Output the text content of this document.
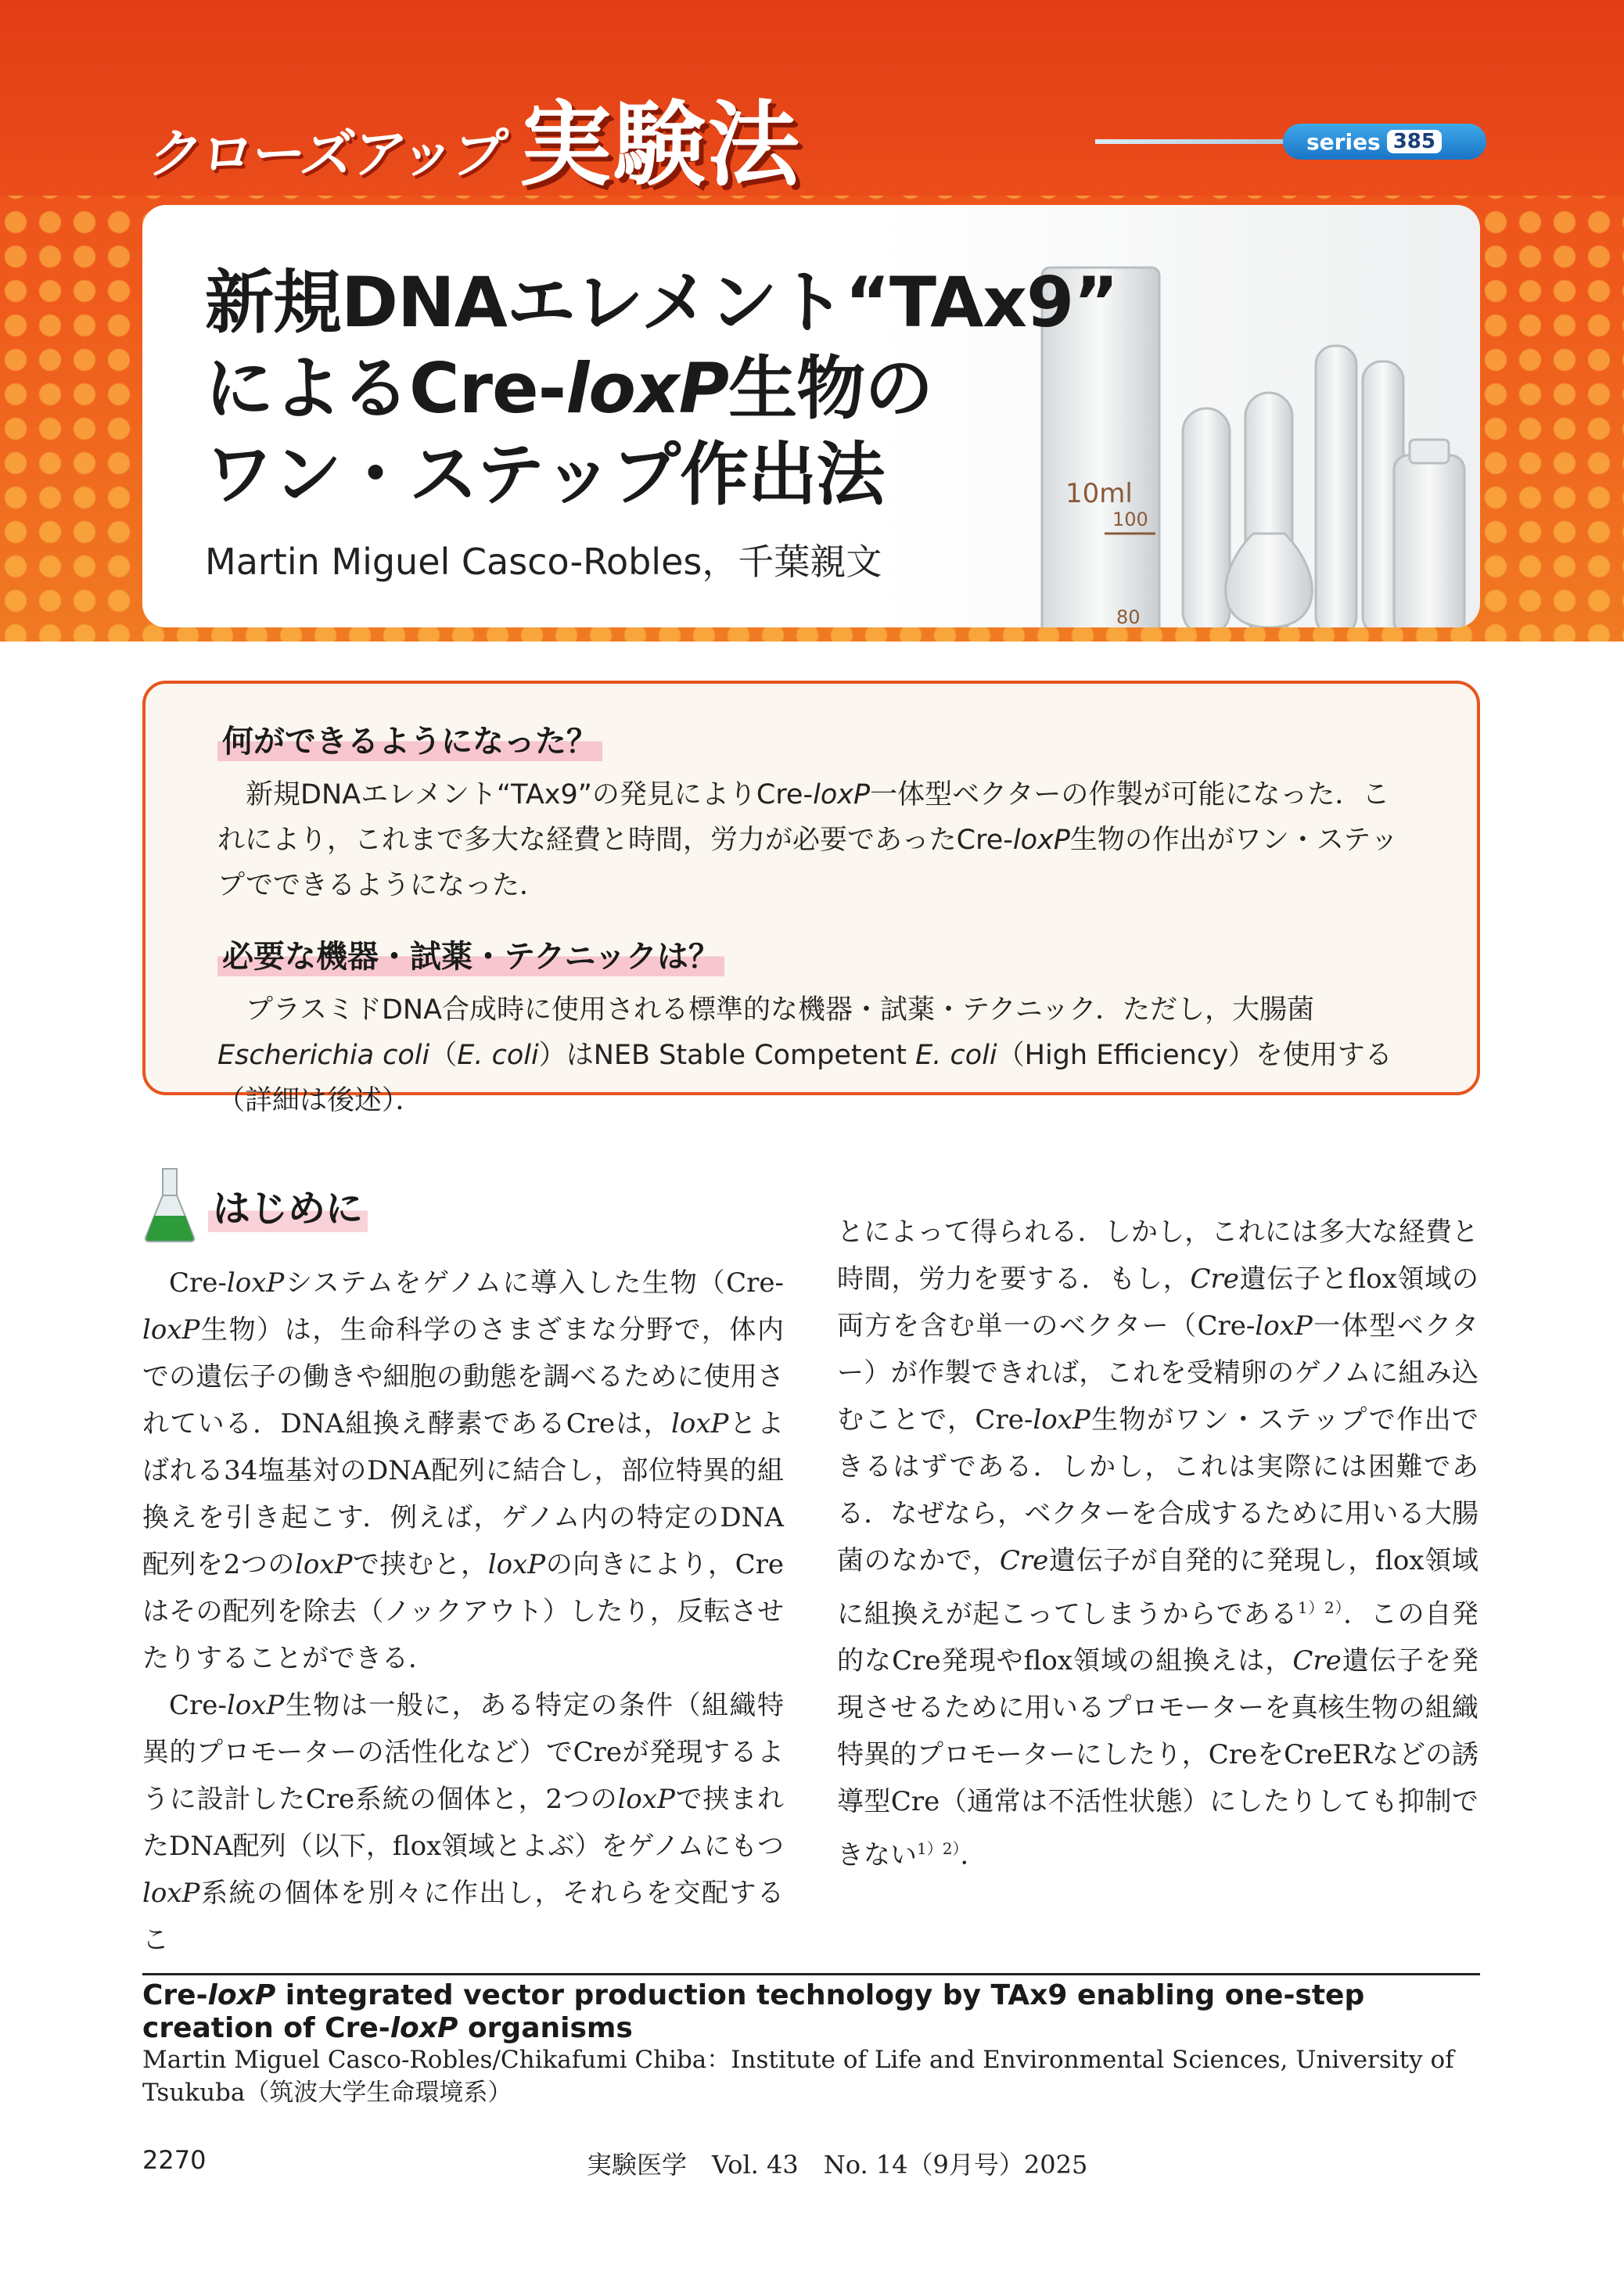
クローズアップ 実験法	series 385
10ml
100
80
新規DNAエレメント“TAx9”
によるCre-loxP生物の
ワン・ステップ作出法
Martin Miguel Casco-Robles，千葉親文
何ができるようになった？

新規DNAエレメント“TAx9”の発見によりCre-loxP一体型ベクターの作製が可能になった．これにより，これまで多大な経費と時間，労力が必要であったCre-loxP生物の作出がワン・ステップでできるようになった．

必要な機器・試薬・テクニックは？

プラスミドDNA合成時に使用される標準的な機器・試薬・テクニック．ただし，大腸菌Escherichia coli（E. coli）はNEB Stable Competent E. coli（High Efficiency）を使用する（詳細は後述）．

はじめに

Cre-loxPシステムをゲノムに導入した生物（Cre-loxP生物）は，生命科学のさまざまな分野で，体内での遺伝子の働きや細胞の動態を調べるために使用されている．DNA組換え酵素であるCreは，loxPとよばれる34塩基対のDNA配列に結合し，部位特異的組換えを引き起こす．例えば，ゲノム内の特定のDNA配列を2つのloxPで挟むと，loxPの向きにより，Creはその配列を除去（ノックアウト）したり，反転させたりすることができる．

Cre-loxP生物は一般に，ある特定の条件（組織特異的プロモーターの活性化など）でCreが発現するように設計したCre系統の個体と，2つのloxPで挟まれたDNA配列（以下，flox領域とよぶ）をゲノムにもつloxP系統の個体を別々に作出し，それらを交配するこ

とによって得られる．しかし，これには多大な経費と時間，労力を要する．もし，Cre遺伝子とflox領域の両方を含む単一のベクター（Cre-loxP一体型ベクター）が作製できれば，これを受精卵のゲノムに組み込むことで，Cre-loxP生物がワン・ステップで作出できるはずである．しかし，これは実際には困難である．なぜなら，ベクターを合成するために用いる大腸菌のなかで，Cre遺伝子が自発的に発現し，flox領域に組換えが起こってしまうからである$^{1)2)}$．この自発的なCre発現やflox領域の組換えは，Cre遺伝子を発現させるために用いるプロモーターを真核生物の組織特異的プロモーターにしたり，CreをCreERなどの誘導型Cre（通常は不活性状態）にしたりしても抑制できない$^{1)2)}$．

Cre-loxP integrated vector production technology by TAx9 enabling one-step creation of Cre-loxP organisms
Martin Miguel Casco-Robles/Chikafumi Chiba：Institute of Life and Environmental Sciences, University of Tsukuba（筑波大学生命環境系）
2270	実験医学　Vol. 43　No. 14（9月号）2025
